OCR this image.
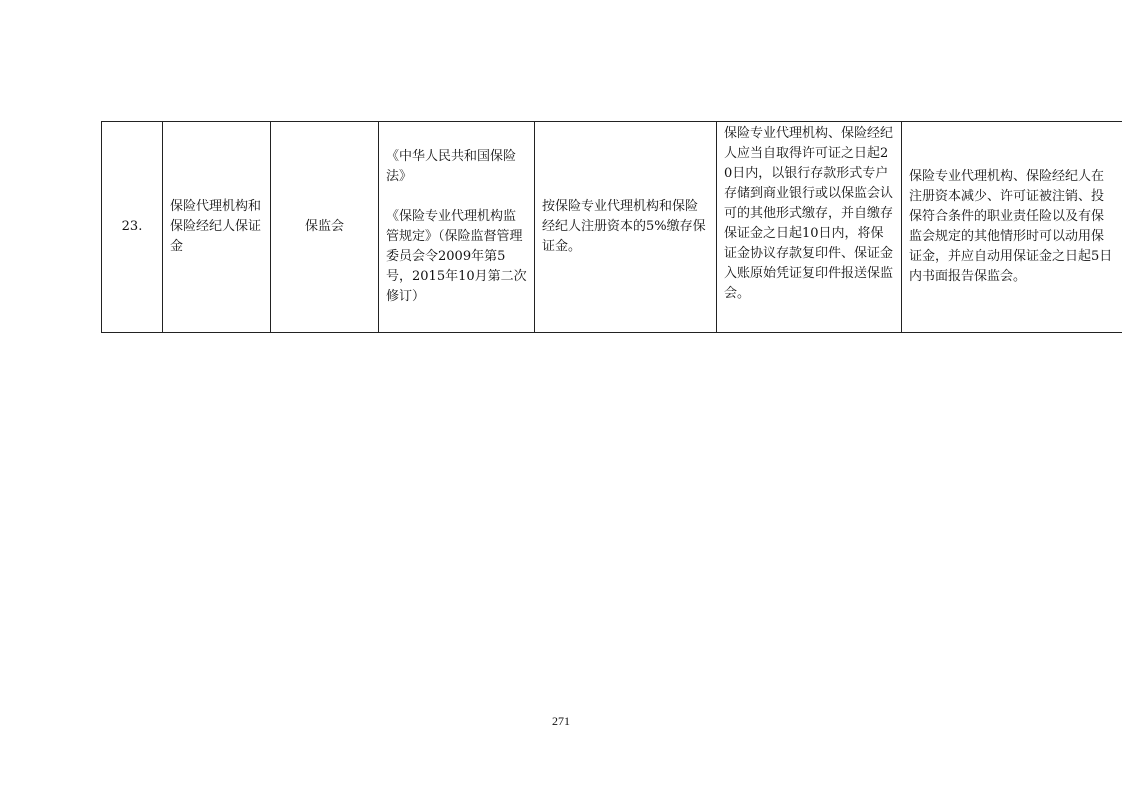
23.	保险代理机构和保险经纪人保证金	保监会	
《中华人民共和国保险法》
《保险专业代理机构监管规定》（保险监督管理委员会令2009年第5号，2015年10月第二次修订）
	按保险专业代理机构和保险经纪人注册资本的5%缴存保证金。	保险专业代理机构、保险经纪人应当自取得许可证之日起20日内，以银行存款形式专户存储到商业银行或以保监会认可的其他形式缴存，并自缴存保证金之日起10日内，将保证金协议存款复印件、保证金入账原始凭证复印件报送保监会。	保险专业代理机构、保险经纪人在注册资本减少、许可证被注销、投保符合条件的职业责任险以及有保监会规定的其他情形时可以动用保证金，并应自动用保证金之日起5日内书面报告保监会。
271
